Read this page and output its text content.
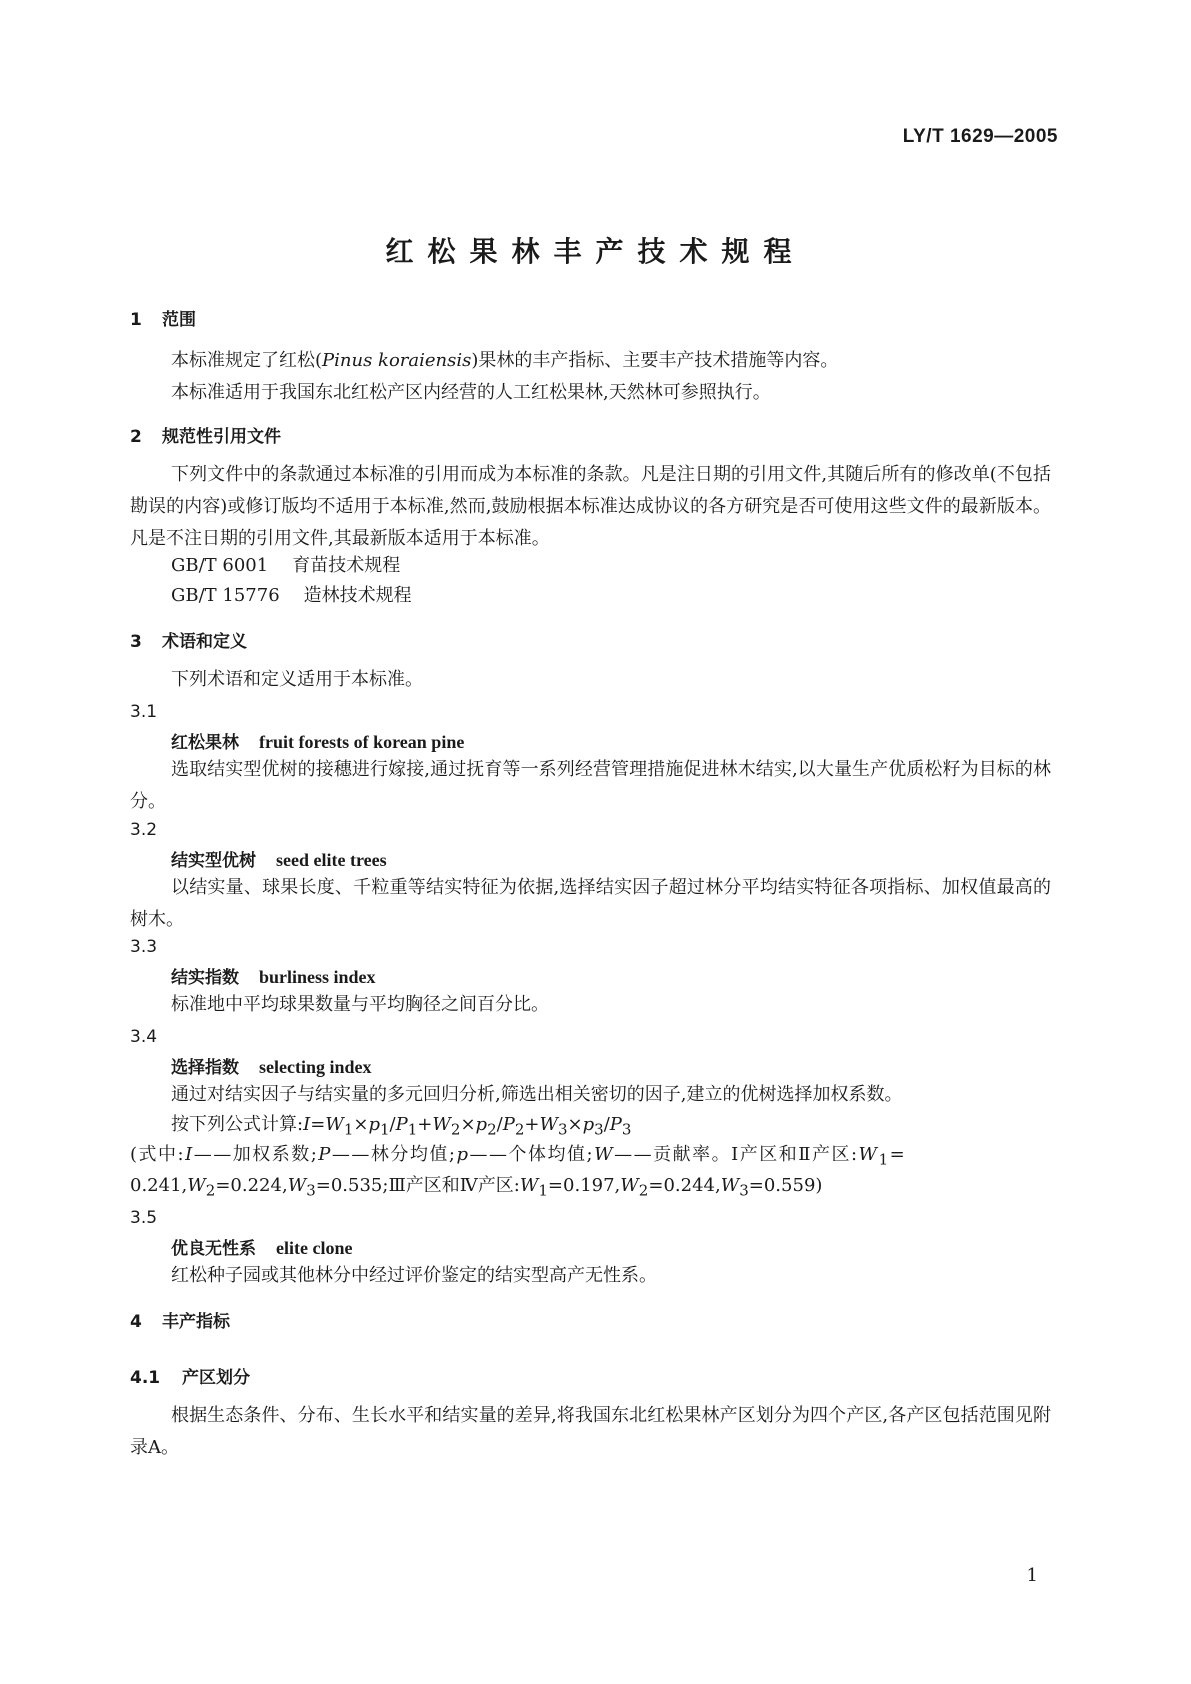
LY/T 1629—2005
红松果林丰产技术规程
1 范围
本标准规定了红松(Pinus koraiensis)果林的丰产指标、主要丰产技术措施等内容。
本标准适用于我国东北红松产区内经营的人工红松果林,天然林可参照执行。
2 规范性引用文件
下列文件中的条款通过本标准的引用而成为本标准的条款。凡是注日期的引用文件,其随后所有的修改单(不包括勘误的内容)或修订版均不适用于本标准,然而,鼓励根据本标准达成协议的各方研究是否可使用这些文件的最新版本。凡是不注日期的引用文件,其最新版本适用于本标准。
GB/T 6001 育苗技术规程
GB/T 15776 造林技术规程
3 术语和定义
下列术语和定义适用于本标准。
3.1
红松果林 fruit forests of korean pine
选取结实型优树的接穗进行嫁接,通过抚育等一系列经营管理措施促进林木结实,以大量生产优质松籽为目标的林分。
3.2
结实型优树 seed elite trees
以结实量、球果长度、千粒重等结实特征为依据,选择结实因子超过林分平均结实特征各项指标、加权值最高的树木。
3.3
结实指数 burliness index
标准地中平均球果数量与平均胸径之间百分比。
3.4
选择指数 selecting index
通过对结实因子与结实量的多元回归分析,筛选出相关密切的因子,建立的优树选择加权系数。
按下列公式计算$:I=W_1\times p_1/P_1+W_2\times p_2/P_2+W_3\times p_3/P_3$
(式中:I——加权系数;P——林分均值;p——个体均值;W——贡献率。Ⅰ产区和Ⅱ产区$:W_1=$
$0.241,W_2=0.224,W_3=0.535;Ⅲ$产区和Ⅳ产区$:W_1=0.197,W_2=0.244,W_3=0.559$)
3.5
优良无性系 elite clone
红松种子园或其他林分中经过评价鉴定的结实型高产无性系。
4 丰产指标
4.1 产区划分
根据生态条件、分布、生长水平和结实量的差异,将我国东北红松果林产区划分为四个产区,各产区包括范围见附录A。
1
